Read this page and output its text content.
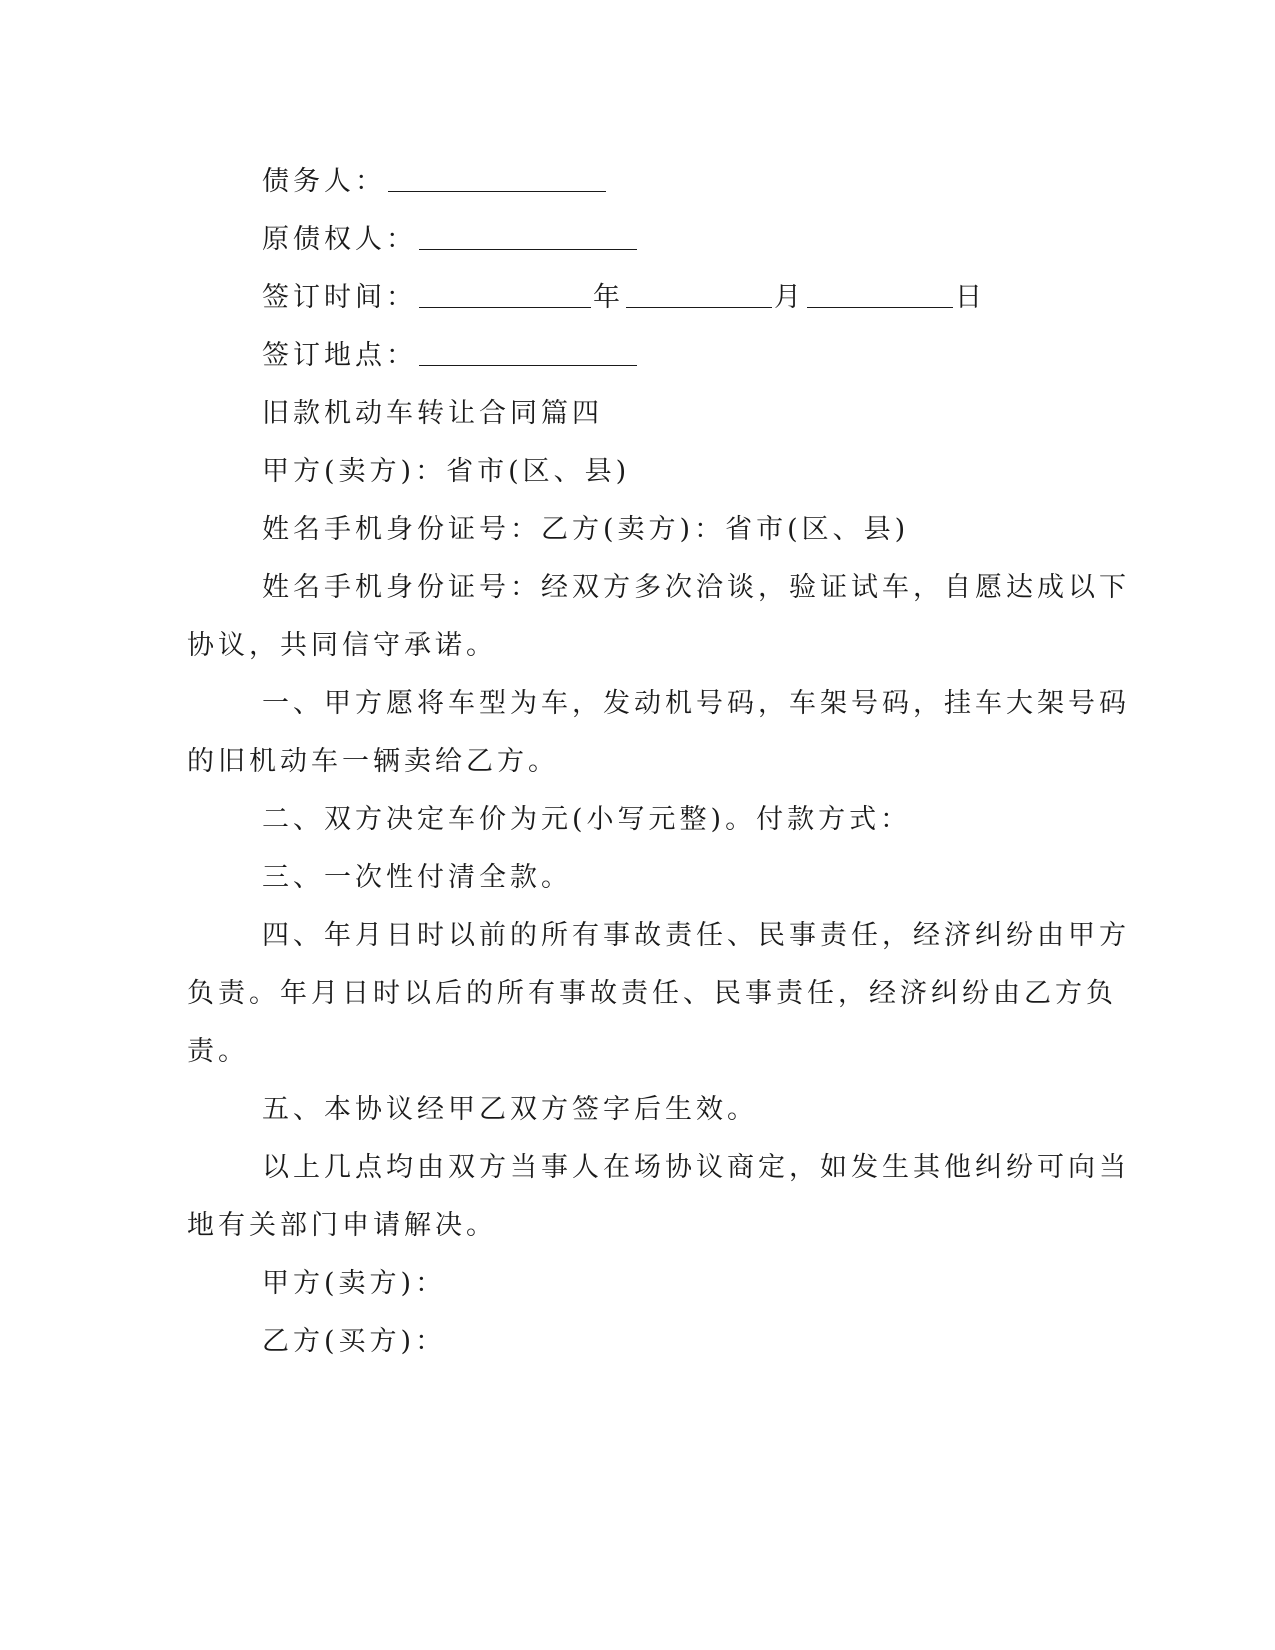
债务人：
原债权人：
签订时间：	年	月	日
签订地点：
旧款机动车转让合同篇四
甲方(卖方)：省市(区、县)
姓名手机身份证号：乙方(卖方)：省市(区、县)
姓名手机身份证号：经双方多次洽谈，验证试车，自愿达成以下
协议，共同信守承诺。
一、甲方愿将车型为车，发动机号码，车架号码，挂车大架号码
的旧机动车一辆卖给乙方。
二、双方决定车价为元(小写元整)。付款方式：
三、一次性付清全款。
四、年月日时以前的所有事故责任、民事责任，经济纠纷由甲方
负责。年月日时以后的所有事故责任、民事责任，经济纠纷由乙方负
责。
五、本协议经甲乙双方签字后生效。
以上几点均由双方当事人在场协议商定，如发生其他纠纷可向当
地有关部门申请解决。
甲方(卖方)：
乙方(买方)：
